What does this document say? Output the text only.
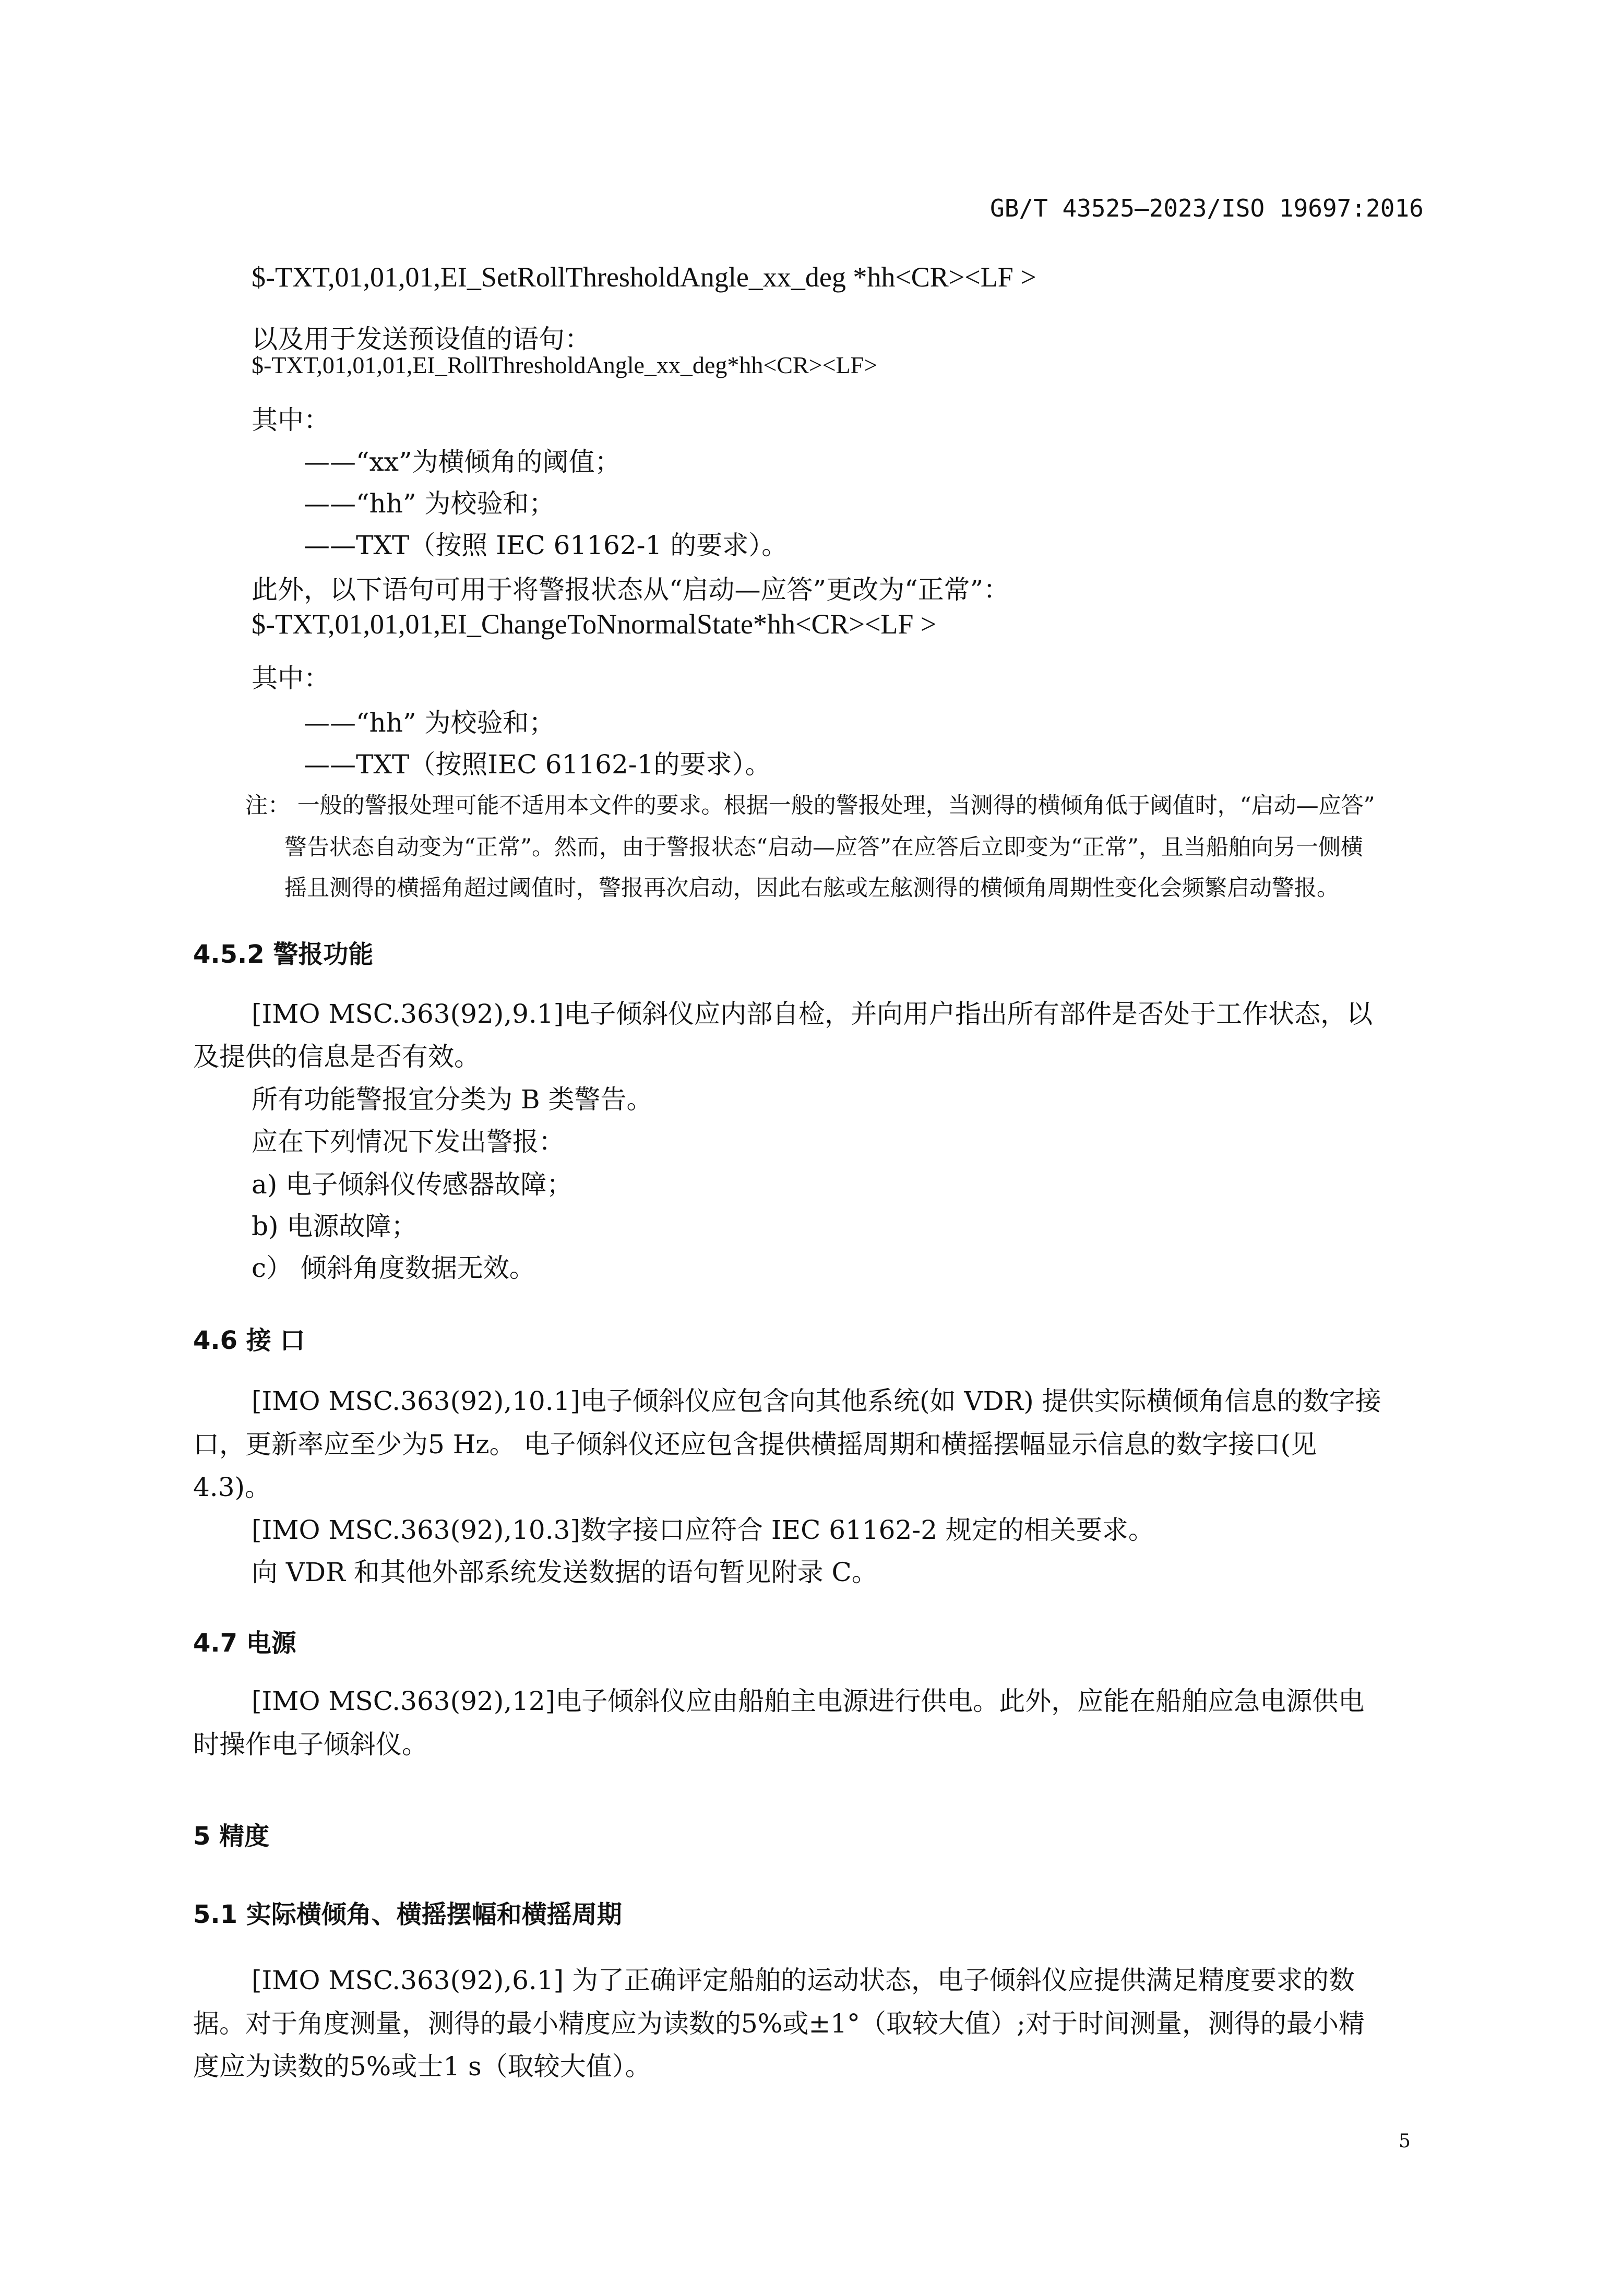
GB/T 43525—2023/ISO 19697:2016
$-TXT,01,01,01,EI_SetRollThresholdAngle_xx_deg *hh<CR><LF >
以及用于发送预设值的语句：
$-TXT,01,01,01,EI_RollThresholdAngle_xx_deg*hh<CR><LF>
其中：
——“xx”为横倾角的阈值；
——“hh” 为校验和；
——TXT（按照 IEC 61162-1 的要求）。
此外，以下语句可用于将警报状态从“启动—应答”更改为“正常”：
$-TXT,01,01,01,EI_ChangeToNnormalState*hh<CR><LF >
其中：
——“hh” 为校验和；
——TXT（按照IEC 61162-1的要求）。
注： 一般的警报处理可能不适用本文件的要求。根据一般的警报处理，当测得的横倾角低于阈值时，“启动—应答”
警告状态自动变为“正常”。然而，由于警报状态“启动—应答”在应答后立即变为“正常”，且当船舶向另一侧横
摇且测得的横摇角超过阈值时，警报再次启动，因此右舷或左舷测得的横倾角周期性变化会频繁启动警报。
4.5.2 警报功能
[IMO MSC.363(92),9.1]电子倾斜仪应内部自检，并向用户指出所有部件是否处于工作状态，以
及提供的信息是否有效。
所有功能警报宜分类为 B 类警告。
应在下列情况下发出警报：
a) 电子倾斜仪传感器故障；
b) 电源故障；
c） 倾斜角度数据无效。
4.6 接 口
[IMO MSC.363(92),10.1]电子倾斜仪应包含向其他系统(如 VDR) 提供实际横倾角信息的数字接
口，更新率应至少为5 Hz。 电子倾斜仪还应包含提供横摇周期和横摇摆幅显示信息的数字接口(见
4.3)。
[IMO MSC.363(92),10.3]数字接口应符合 IEC 61162-2 规定的相关要求。
向 VDR 和其他外部系统发送数据的语句暂见附录 C。
4.7 电源
[IMO MSC.363(92),12]电子倾斜仪应由船舶主电源进行供电。此外，应能在船舶应急电源供电
时操作电子倾斜仪。
5 精度
5.1 实际横倾角、横摇摆幅和横摇周期
[IMO MSC.363(92),6.1] 为了正确评定船舶的运动状态，电子倾斜仪应提供满足精度要求的数
据。对于角度测量，测得的最小精度应为读数的5%或±1°（取较大值）;对于时间测量，测得的最小精
度应为读数的5%或士1 s（取较大值）。
5
